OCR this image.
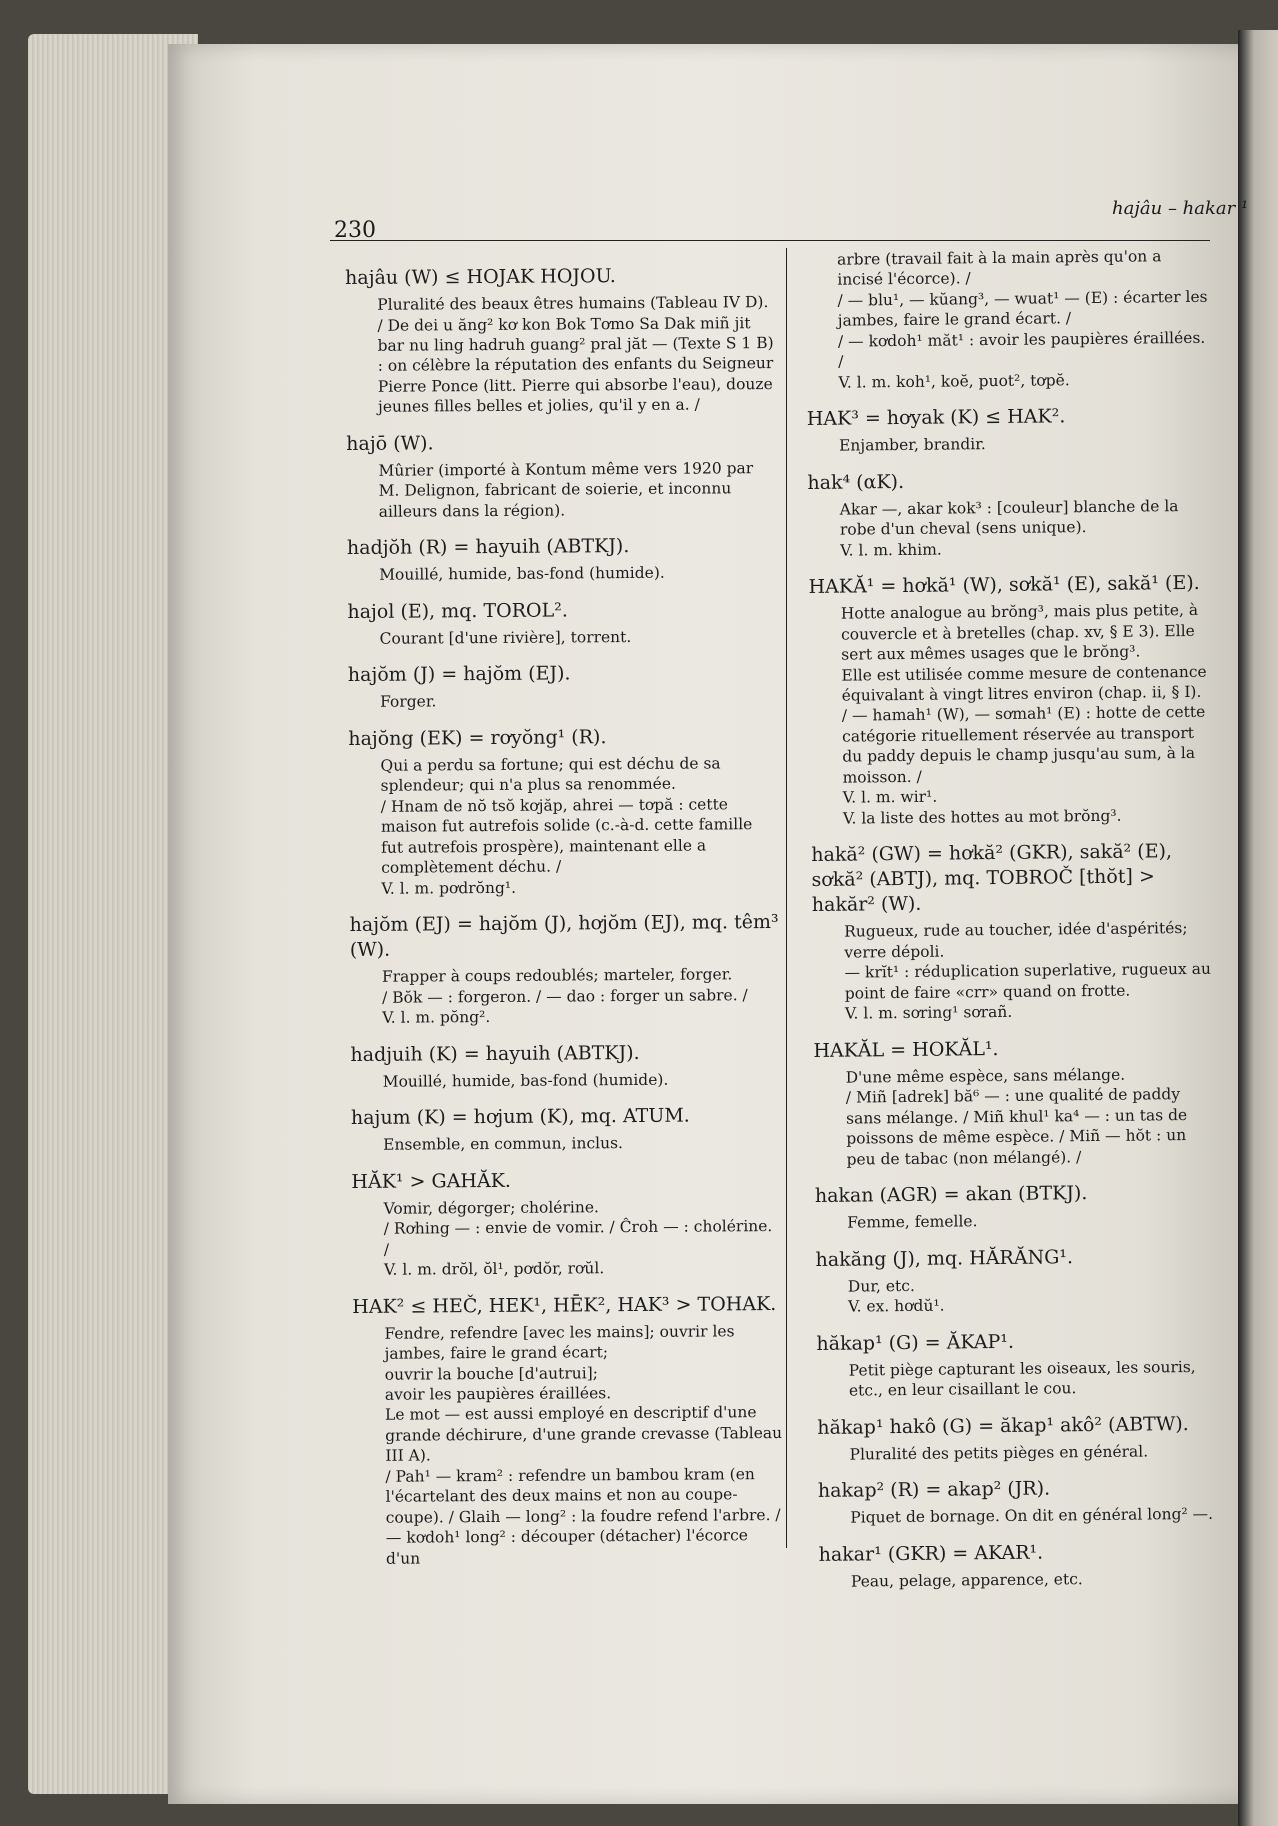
230
hajâu – hakar ¹
hajâu (W) ≤ HOJAK HOJOU.

Pluralité des beaux êtres humains (Tableau IV D).

/ De dei u ăng² kơ kon Bok Tơmo Sa Dak miñ jit bar nu ling hadruh guang² pral jăt — (Texte S 1 B) : on célèbre la réputation des enfants du Seigneur Pierre Ponce (litt. Pierre qui absorbe l'eau), douze jeunes filles belles et jolies, qu'il y en a. /

hajō (W).

Mûrier (importé à Kontum même vers 1920 par M. Delignon, fabricant de soierie, et inconnu ailleurs dans la région).

hadjŏh (R) = hayuih (ABTKJ).

Mouillé, humide, bas-fond (humide).

hajol (E), mq. TOROL².

Courant [d'une rivière], torrent.

hajŏm (J) = hajŏm (EJ).

Forger.

hajŏng (EK) = rơyŏng¹ (R).

Qui a perdu sa fortune; qui est déchu de sa splendeur; qui n'a plus sa renommée.

/ Hnam de nŏ tsŏ kơjăp, ahrei — tơpă : cette maison fut autrefois solide (c.-à-d. cette famille fut autrefois prospère), maintenant elle a complètement déchu. /

V. l. m. pơdrŏng¹.

hajŏm (EJ) = hajŏm (J), hơjŏm (EJ), mq. têm³ (W).

Frapper à coups redoublés; marteler, forger.

/ Bŏk — : forgeron. / — dao : forger un sabre. /

V. l. m. pŏng².

hadjuih (K) = hayuih (ABTKJ).

Mouillé, humide, bas-fond (humide).

hajum (K) = hơjum (K), mq. ATUM.

Ensemble, en commun, inclus.

HĂK¹ > GAHĂK.

Vomir, dégorger; cholérine.

/ Rơhing — : envie de vomir. / Ĉroh — : cholérine. /

V. l. m. drŏl, ŏl¹, pơdŏr, rơŭl.

HAK² ≤ HEČ, HEK¹, HĒK², HAK³ > TOHAK.

Fendre, refendre [avec les mains]; ouvrir les jambes, faire le grand écart;

ouvrir la bouche [d'autrui];

avoir les paupières éraillées.

Le mot — est aussi employé en descriptif d'une grande déchirure, d'une grande crevasse (Tableau III A).

/ Pah¹ — kram² : refendre un bambou kram (en l'écartelant des deux mains et non au coupe-coupe). / Glaih — long² : la foudre refend l'arbre. / — kơdoh¹ long² : découper (détacher) l'écorce d'un

arbre (travail fait à la main après qu'on a incisé l'écorce). /

/ — blu¹, — kŭang³, — wuat¹ — (E) : écarter les jambes, faire le grand écart. /

/ — kơdoh¹ măt¹ : avoir les paupières éraillées. /

V. l. m. koh¹, koĕ, puot², tơpĕ.

HAK³ = hơyak (K) ≤ HAK².

Enjamber, brandir.

hak⁴ (αK).

Akar —, akar kok³ : [couleur] blanche de la robe d'un cheval (sens unique).

V. l. m. khim.

HAKĂ¹ = hơkă¹ (W), sơkă¹ (E), sakă¹ (E).

Hotte analogue au brŏng³, mais plus petite, à couvercle et à bretelles (chap. xv, § E 3). Elle sert aux mêmes usages que le brŏng³.

Elle est utilisée comme mesure de contenance équivalant à vingt litres environ (chap. ii, § I).

/ — hamah¹ (W), — sơmah¹ (E) : hotte de cette catégorie rituellement réservée au transport du paddy depuis le champ jusqu'au sum, à la moisson. /

V. l. m. wir¹.

V. la liste des hottes au mot brŏng³.

hakă² (GW) = hơkă² (GKR), sakă² (E), sơkă² (ABTJ), mq. TOBROČ [thŏt] > hakăr² (W).

Rugueux, rude au toucher, idée d'aspérités; verre dépoli.

— krĭt¹ : réduplication superlative, rugueux au point de faire «crr» quand on frotte.

V. l. m. sơring¹ sơrañ.

HAKĂL = HOKĂL¹.

D'une même espèce, sans mélange.

/ Miñ [adrek] bă⁶ — : une qualité de paddy sans mélange. / Miñ khul¹ ka⁴ — : un tas de poissons de même espèce. / Miñ — hŏt : un peu de tabac (non mélangé). /

hakan (AGR) = akan (BTKJ).

Femme, femelle.

hakăng (J), mq. HĂRĂNG¹.

Dur, etc.

V. ex. hơdŭ¹.

hăkap¹ (G) = ĂKAP¹.

Petit piège capturant les oiseaux, les souris, etc., en leur cisaillant le cou.

hăkap¹ hakô (G) = ăkap¹ akô² (ABTW).

Pluralité des petits pièges en général.

hakap² (R) = akap² (JR).

Piquet de bornage. On dit en général long² —.

hakar¹ (GKR) = AKAR¹.

Peau, pelage, apparence, etc.
